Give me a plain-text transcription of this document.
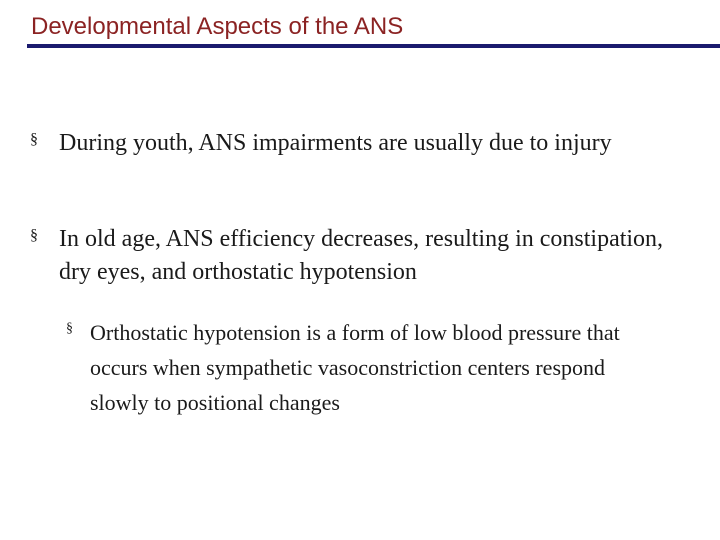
Developmental Aspects of the ANS
§ During youth, ANS impairments are usually due to injury
§ In old age, ANS efficiency decreases, resulting in constipation, dry eyes, and orthostatic hypotension
§ Orthostatic hypotension is a form of low blood pressure that occurs when sympathetic vasoconstriction centers respond slowly to positional changes
